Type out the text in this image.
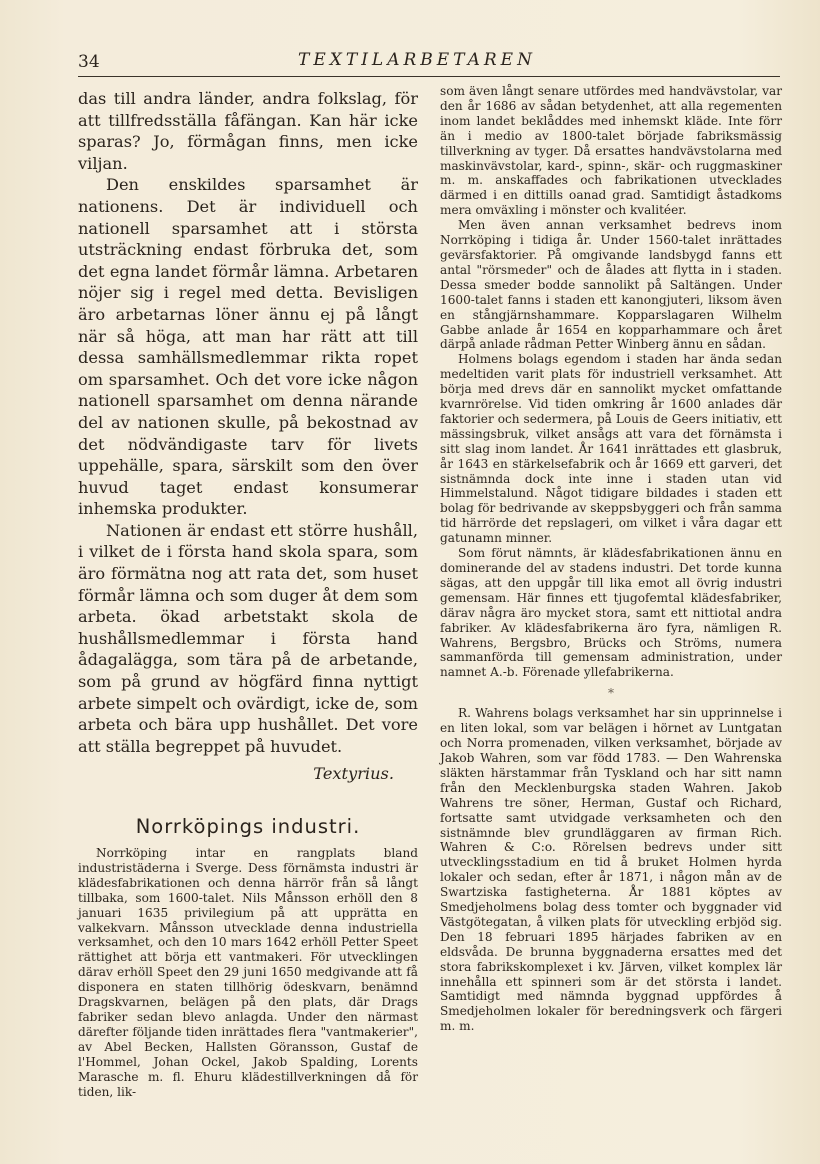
34	TEXTILARBETAREN

das till andra länder, andra folkslag, för att tillfredsställa fåfängan. Kan här icke sparas? Jo, förmågan finns, men icke viljan.

Den enskildes sparsamhet är nationens. Det är individuell och nationell sparsamhet att i största utsträckning endast förbruka det, som det egna landet förmår lämna. Arbetaren nöjer sig i regel med detta. Bevisligen äro arbetarnas löner ännu ej på långt när så höga, att man har rätt att till dessa samhällsmedlemmar rikta ropet om sparsamhet. Och det vore icke någon nationell sparsamhet om denna närande del av nationen skulle, på bekostnad av det nödvändigaste tarv för livets uppehälle, spara, särskilt som den över huvud taget endast konsumerar inhemska produkter.

Nationen är endast ett större hushåll, i vilket de i första hand skola spara, som äro förmätna nog att rata det, som huset förmår lämna och som duger åt dem som arbeta. ökad arbetstakt skola de hushållsmedlemmar i första hand ådagalägga, som tära på de arbetande, som på grund av högfärd finna nyttigt arbete simpelt och ovärdigt, icke de, som arbeta och bära upp hushållet. Det vore att ställa begreppet på huvudet.

Textyrius.
Norrköpings industri.

Norrköping intar en rangplats bland industristäderna i Sverge. Dess förnämsta industri är klädesfabrikationen och denna härrör från så långt tillbaka, som 1600-talet. Nils Månsson erhöll den 8 januari 1635 privilegium på att upprätta en valkekvarn. Månsson utvecklade denna industriella verksamhet, och den 10 mars 1642 erhöll Petter Speet rättighet att börja ett vantmakeri. För utvecklingen därav erhöll Speet den 29 juni 1650 medgivande att få disponera en staten tillhörig ödeskvarn, benämnd Dragskvarnen, belägen på den plats, där Drags fabriker sedan blevo anlagda. Under den närmast därefter följande tiden inrättades flera "vantmakerier", av Abel Becken, Hallsten Göransson, Gustaf de l'Hommel, Johan Ockel, Jakob Spalding, Lorents Marasche m. fl. Ehuru klädestillverkningen då för tiden, lik-

som även långt senare utfördes med handvävstolar, var den år 1686 av sådan betydenhet, att alla regementen inom landet beklåddes med inhemskt kläde. Inte förr än i medio av 1800-talet började fabriksmässig tillverkning av tyger. Då ersattes handvävstolarna med maskinvävstolar, kard-, spinn-, skär- och ruggmaskiner m. m. anskaffades och fabrikationen utvecklades därmed i en dittills oanad grad. Samtidigt åstadkoms mera omväxling i mönster och kvalitéer.

Men även annan verksamhet bedrevs inom Norrköping i tidiga år. Under 1560-talet inrättades gevärsfaktorier. På omgivande landsbygd fanns ett antal "rörsmeder" och de ålades att flytta in i staden. Dessa smeder bodde sannolikt på Saltängen. Under 1600-talet fanns i staden ett kanongjuteri, liksom även en stångjärnshammare. Kopparslagaren Wilhelm Gabbe anlade år 1654 en kopparhammare och året därpå anlade rådman Petter Winberg ännu en sådan.

Holmens bolags egendom i staden har ända sedan medeltiden varit plats för industriell verksamhet. Att börja med drevs där en sannolikt mycket omfattande kvarnrörelse. Vid tiden omkring år 1600 anlades där faktorier och sedermera, på Louis de Geers initiativ, ett mässingsbruk, vilket ansågs att vara det förnämsta i sitt slag inom landet. År 1641 inrättades ett glasbruk, år 1643 en stärkelsefabrik och år 1669 ett garveri, det sistnämnda dock inte inne i staden utan vid Himmelstalund. Något tidigare bildades i staden ett bolag för bedrivande av skeppsbyggeri och från samma tid härrörde det repslageri, om vilket i våra dagar ett gatunamn minner.

Som förut nämnts, är klädesfabrikationen ännu en dominerande del av stadens industri. Det torde kunna sägas, att den uppgår till lika emot all övrig industri gemensam. Här finnes ett tjugofemtal klädesfabriker, därav några äro mycket stora, samt ett nittiotal andra fabriker. Av klädesfabrikerna äro fyra, nämligen R. Wahrens, Bergsbro, Brücks och Ströms, numera sammanförda till gemensam administration, under namnet A.-b. Förenade yllefabrikerna.

*

R. Wahrens bolags verksamhet har sin upprinnelse i en liten lokal, som var belägen i hörnet av Luntgatan och Norra promenaden, vilken verksamhet, började av Jakob Wahren, som var född 1783. — Den Wahrenska släkten härstammar från Tyskland och har sitt namn från den Mecklenburgska staden Wahren. Jakob Wahrens tre söner, Herman, Gustaf och Richard, fortsatte samt utvidgade verksamheten och den sistnämnde blev grundläggaren av firman Rich. Wahren & C:o. Rörelsen bedrevs under sitt utvecklingsstadium en tid å bruket Holmen hyrda lokaler och sedan, efter år 1871, i någon mån av de Swartziska fastigheterna. År 1881 köptes av Smedjeholmens bolag dess tomter och byggnader vid Västgötegatan, å vilken plats för utveckling erbjöd sig. Den 18 februari 1895 härjades fabriken av en eldsvåda. De brunna byggnaderna ersattes med det stora fabrikskomplexet i kv. Järven, vilket komplex lär innehålla ett spinneri som är det största i landet. Samtidigt med nämnda byggnad uppfördes å Smedjeholmen lokaler för beredningsverk och färgeri m. m.
